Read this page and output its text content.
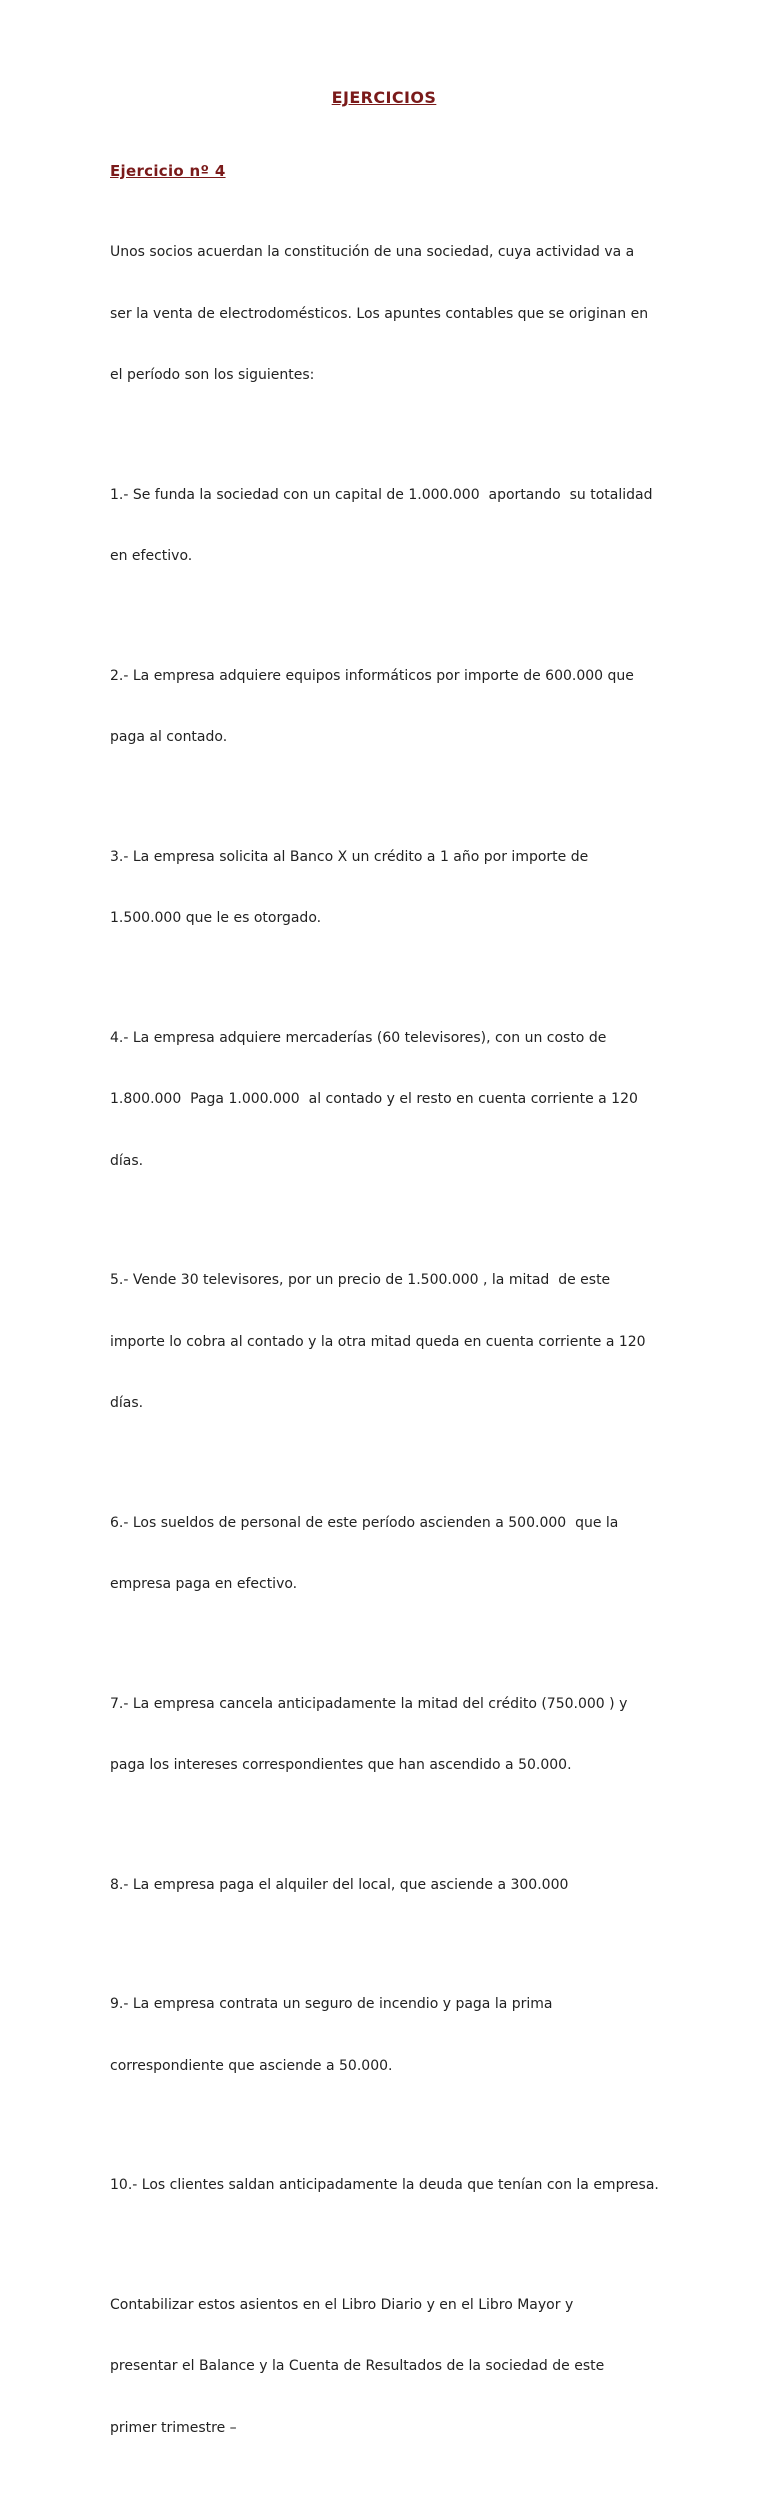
EJERCICIOS
Ejercicio nº 4

Unos socios acuerdan la constitución de una sociedad, cuya actividad va a

ser la venta de electrodomésticos. Los apuntes contables que se originan en

el período son los siguientes:

1.- Se funda la sociedad con un capital de 1.000.000  aportando  su totalidad

en efectivo.

2.- La empresa adquiere equipos informáticos por importe de 600.000 que

paga al contado.

3.- La empresa solicita al Banco X un crédito a 1 año por importe de

1.500.000 que le es otorgado.

4.- La empresa adquiere mercaderías (60 televisores), con un costo de

1.800.000  Paga 1.000.000  al contado y el resto en cuenta corriente a 120

días.

5.- Vende 30 televisores, por un precio de 1.500.000 , la mitad  de este

importe lo cobra al contado y la otra mitad queda en cuenta corriente a 120

días.

6.- Los sueldos de personal de este período ascienden a 500.000  que la

empresa paga en efectivo.

7.- La empresa cancela anticipadamente la mitad del crédito (750.000 ) y

paga los intereses correspondientes que han ascendido a 50.000.

8.- La empresa paga el alquiler del local, que asciende a 300.000

9.- La empresa contrata un seguro de incendio y paga la prima

correspondiente que asciende a 50.000.

10.- Los clientes saldan anticipadamente la deuda que tenían con la empresa.

Contabilizar estos asientos en el Libro Diario y en el Libro Mayor y

presentar el Balance y la Cuenta de Resultados de la sociedad de este

primer trimestre –
